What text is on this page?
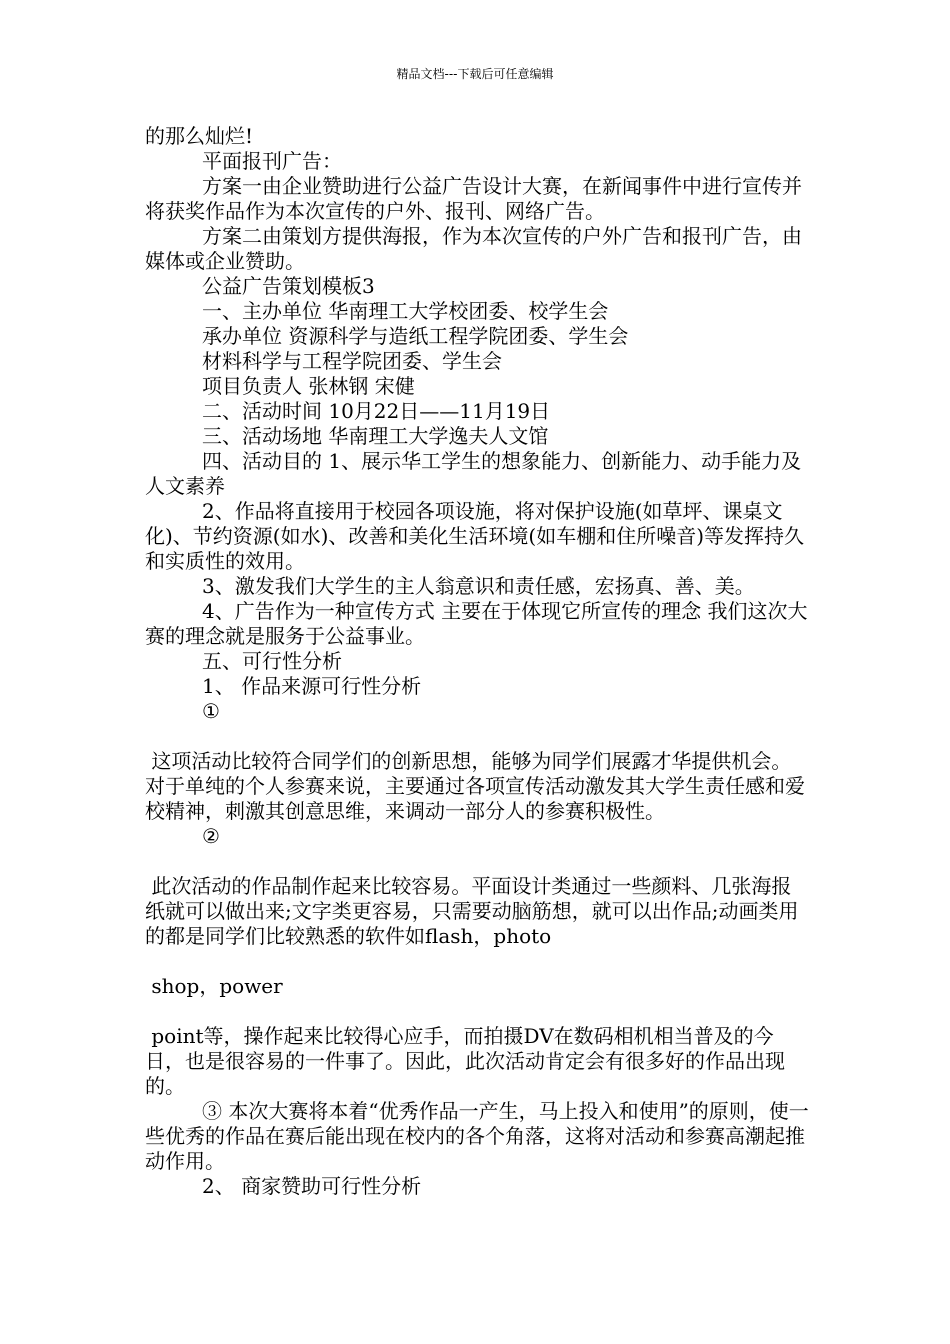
精品文档---下载后可任意编辑

的那么灿烂!

平面报刊广告：

方案一由企业赞助进行公益广告设计大赛，在新闻事件中进行宣传并将获奖作品作为本次宣传的户外、报刊、网络广告。

方案二由策划方提供海报，作为本次宣传的户外广告和报刊广告，由媒体或企业赞助。

公益广告策划模板3

一、主办单位 华南理工大学校团委、校学生会

承办单位 资源科学与造纸工程学院团委、学生会

材料科学与工程学院团委、学生会

项目负责人 张林钢 宋健

二、活动时间 10月22日——11月19日

三、活动场地 华南理工大学逸夫人文馆

四、活动目的 1、展示华工学生的想象能力、创新能力、动手能力及人文素养

2、作品将直接用于校园各项设施，将对保护设施(如草坪、课桌文化)、节约资源(如水)、改善和美化生活环境(如车棚和住所噪音)等发挥持久和实质性的效用。

3、激发我们大学生的主人翁意识和责任感，宏扬真、善、美。

4、广告作为一种宣传方式 主要在于体现它所宣传的理念 我们这次大赛的理念就是服务于公益事业。

五、可行性分析

1、 作品来源可行性分析

①

这项活动比较符合同学们的创新思想，能够为同学们展露才华提供机会。对于单纯的个人参赛来说，主要通过各项宣传活动激发其大学生责任感和爱校精神，刺激其创意思维，来调动一部分人的参赛积极性。

②

此次活动的作品制作起来比较容易。平面设计类通过一些颜料、几张海报纸就可以做出来;文字类更容易，只需要动脑筋想，就可以出作品;动画类用的都是同学们比较熟悉的软件如flash，photo

shop，power

point等，操作起来比较得心应手，而拍摄DV在数码相机相当普及的今日，也是很容易的一件事了。因此，此次活动肯定会有很多好的作品出现的。

③ 本次大赛将本着“优秀作品一产生，马上投入和使用”的原则，使一些优秀的作品在赛后能出现在校内的各个角落，这将对活动和参赛高潮起推动作用。

2、 商家赞助可行性分析
